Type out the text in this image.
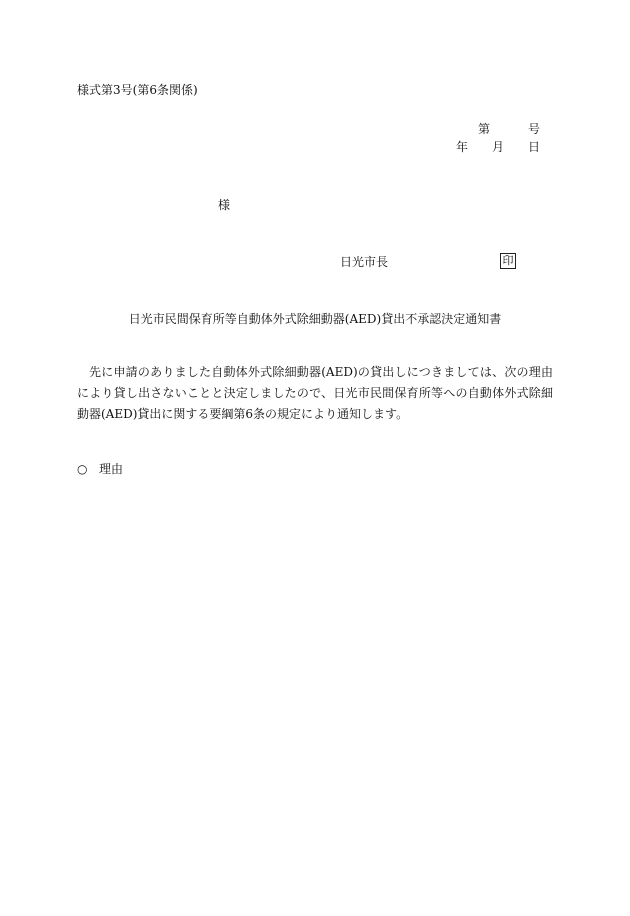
様式第3号(第6条関係)
第	号
年 月 日
様
日光市長	印
日光市民間保育所等自動体外式除細動器(AED)貸出不承認決定通知書
先に申請のありました自動体外式除細動器(AED)の貸出しにつきましては、次の理由により貸し出さないことと決定しましたので、日光市民間保育所等への自動体外式除細動器(AED)貸出に関する要綱第6条の規定により通知します。
○ 理由
